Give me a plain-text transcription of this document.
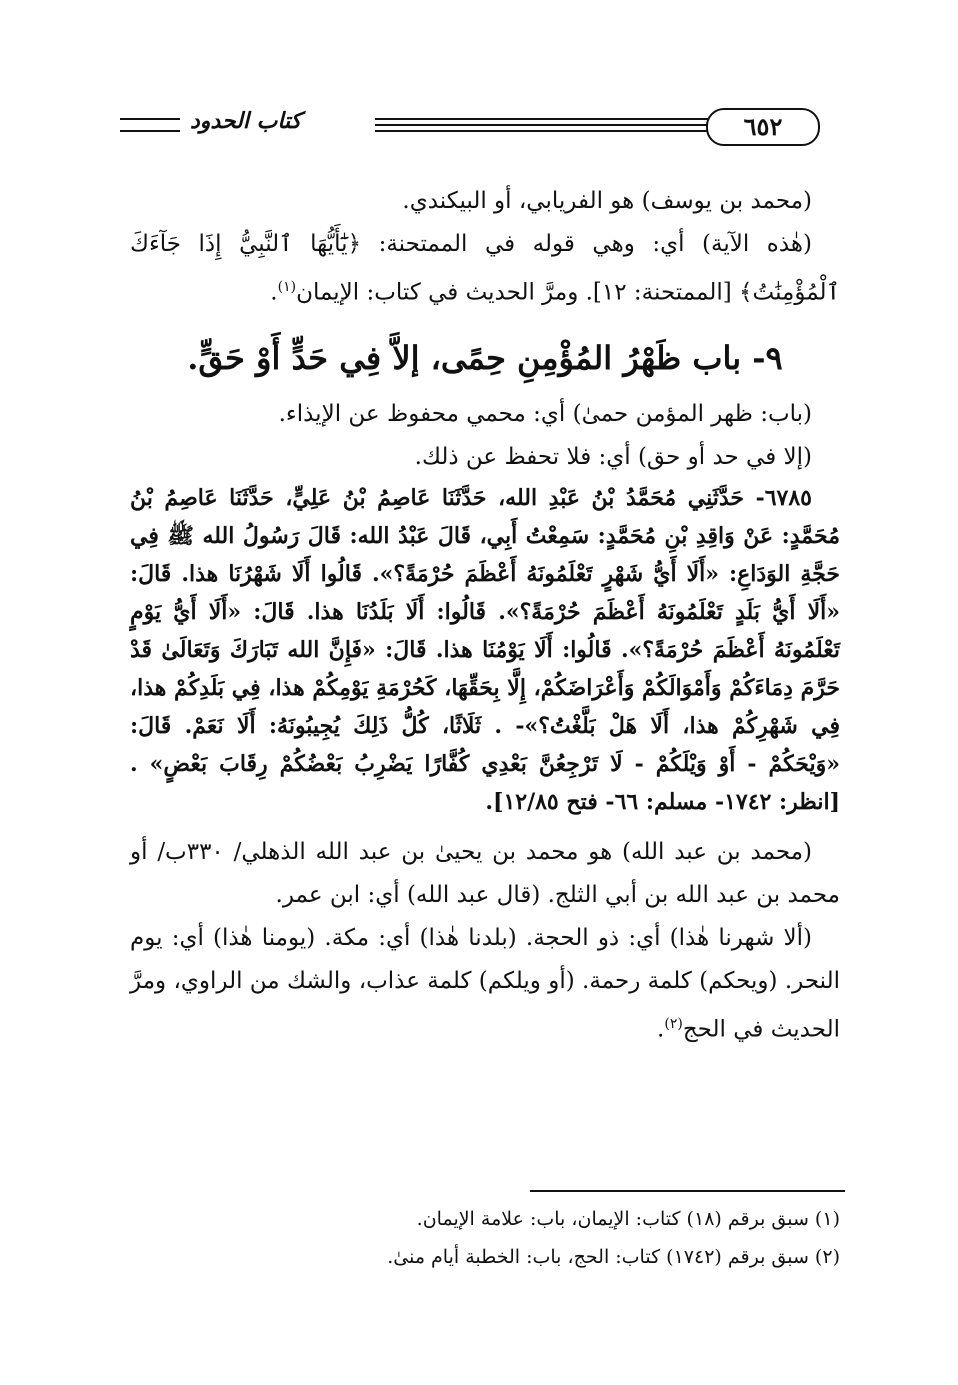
كتاب الحدود	٦٥٢

(محمد بن يوسف) هو الفريابي، أو البيكندي.

(هٰذه الآية) أي: وهي قوله في الممتحنة: ﴿يَٰٓأَيُّهَا ٱلنَّبِيُّ إِذَا جَآءَكَ ٱلْمُؤْمِنَٰتُ﴾ [الممتحنة: ١٢]. ومرَّ الحديث في كتاب: الإيمان$^{(١)}$.

٩- باب ظَهْرُ المُؤْمِنِ حِمًى، إلاَّ فِي حَدٍّ أَوْ حَقٍّ.

(باب: ظهر المؤمن حمىٰ) أي: محمي محفوظ عن الإيذاء.

(إلا في حد أو حق) أي: فلا تحفظ عن ذلك.

٦٧٨٥- حَدَّثَنِي مُحَمَّدُ بْنُ عَبْدِ الله، حَدَّثَنَا عَاصِمُ بْنُ عَلِيٍّ، حَدَّثَنَا عَاصِمُ بْنُ مُحَمَّدٍ: عَنْ وَاقِدِ بْنِ مُحَمَّدٍ: سَمِعْتُ أَبِي، قَالَ عَبْدُ الله: قَالَ رَسُولُ الله ﷺ فِي حَجَّةِ الوَدَاعِ: «أَلَا أَيُّ شَهْرٍ تَعْلَمُونَهُ أَعْظَمَ حُرْمَةً؟». قَالُوا أَلَا شَهْرُنَا هذا. قَالَ: «أَلَا أَيُّ بَلَدٍ تَعْلَمُونَهُ أَعْظَمَ حُرْمَةً؟». قَالُوا: أَلَا بَلَدُنَا هذا. قَالَ: «أَلَا أَيُّ يَوْمٍ تَعْلَمُونَهُ أَعْظَمَ حُرْمَةً؟». قَالُوا: أَلَا يَوْمُنَا هذا. قَالَ: «فَإِنَّ الله تَبَارَكَ وَتَعَالَىٰ قَدْ حَرَّمَ دِمَاءَكُمْ وَأَمْوَالَكُمْ وَأَعْرَاضَكُمْ، إِلَّا بِحَقِّهَا، كَحُرْمَةِ يَوْمِكُمْ هذا، فِي بَلَدِكُمْ هذا، فِي شَهْرِكُمْ هذا، أَلَا هَلْ بَلَّغْتُ؟»- . ثَلَاثًا، كُلُّ ذَلِكَ يُجِيبُونَهُ: أَلَا نَعَمْ. قَالَ: «وَيْحَكُمْ - أَوْ وَيْلَكُمْ - لَا تَرْجِعُنَّ بَعْدِي كُفَّارًا يَضْرِبُ بَعْضُكُمْ رِقَابَ بَعْضٍ» .[انظر: ١٧٤٢- مسلم: ٦٦- فتح ١٢/٨٥].

(محمد بن عبد الله) هو محمد بن يحيىٰ بن عبد الله الذهلي/ ٣٣٠ب/ أو محمد بن عبد الله بن أبي الثلج. (قال عبد الله) أي: ابن عمر.

(ألا شهرنا هٰذا) أي: ذو الحجة. (بلدنا هٰذا) أي: مكة. (يومنا هٰذا) أي: يوم النحر. (ويحكم) كلمة رحمة. (أو ويلكم) كلمة عذاب، والشك من الراوي، ومرَّ الحديث في الحج$^{(٢)}$.

(١) سبق برقم (١٨) كتاب: الإيمان، باب: علامة الإيمان.

(٢) سبق برقم (١٧٤٢) كتاب: الحج، باب: الخطبة أيام منىٰ.
